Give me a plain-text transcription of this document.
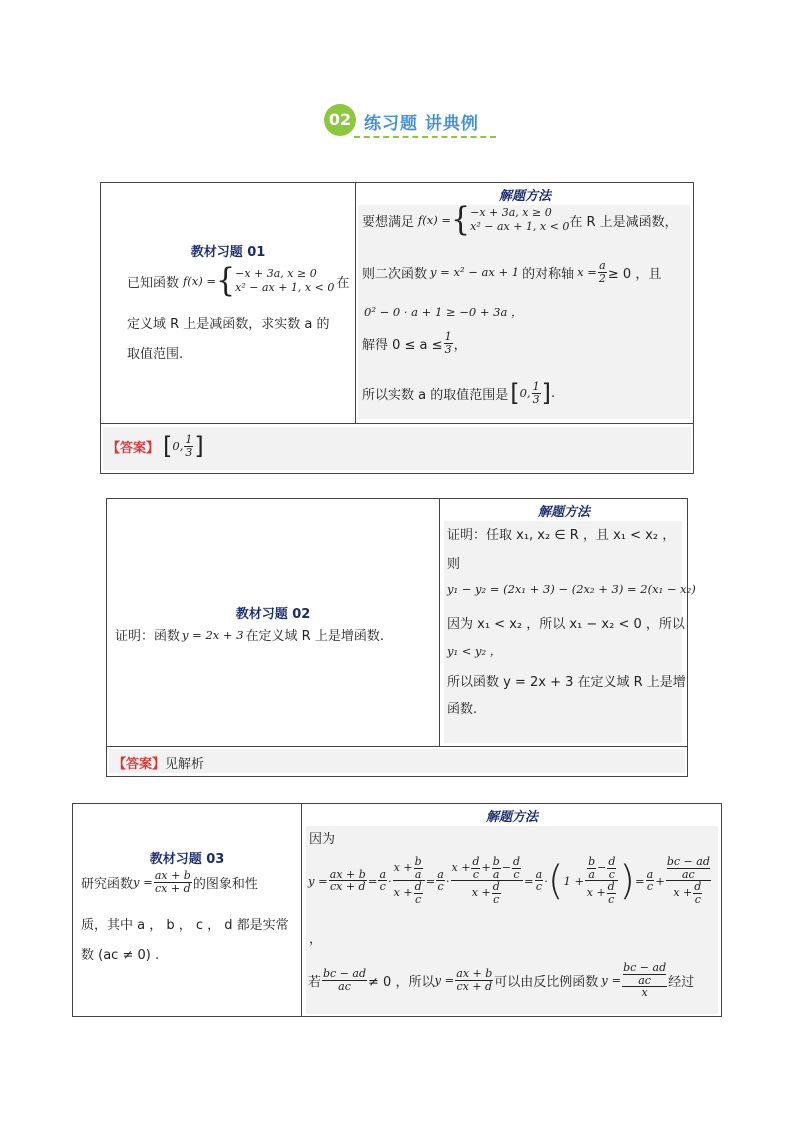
02 练习题 讲典例
教材习题 01
已知函数 f(x) = { −x + 3a, x ≥ 0
x² − ax + 1, x < 0 在
定义域 R 上是减函数，求实数 a 的
取值范围.

解题方法
要想满足 f(x) = { −x + 3a, x ≥ 0
x² − ax + 1, x < 0 在 R 上是减函数，
则二次函数 y = x² − ax + 1 的对称轴 $x = \frac{a}{2} \ge 0$ ，且
0² − 0 · a + 1 ≥ −0 + 3a ，
解得 $0 \le a \le \frac{1}{3}$ ，
所以实数 a 的取值范围是 [ 0, $\frac{1}{3}$ ] .

【答案】 [ 0, $\frac{1}{3}$ ]
教材习题 02
证明：函数 y = 2x + 3 在定义域 R 上是增函数.

解题方法
证明：任取 x₁, x₂ ∈ R ，且 x₁ < x₂ ，
则
y₁ − y₂ = (2x₁ + 3) − (2x₂ + 3) = 2(x₁ − x₂)
因为 x₁ < x₂ ，所以 x₁ − x₂ < 0 ，所以
y₁ < y₂ ，
所以函数 y = 2x + 3 在定义域 R 上是增
函数.

【答案】见解析
教材习题 03
研究函数 $y = \frac{ax + b}{cx + d}$ 的图象和性
质，其中 a ， b ， c ， d 都是实常
数 (ac ≠ 0) .

解题方法
因为
$y = \frac{ax + b}{cx + d} = \frac{a}{c} \cdot \frac{x + \frac{b}{a}}{x + \frac{d}{c}} = \frac{a}{c} \cdot \frac{x + \frac{d}{c} + \frac{b}{a} - \frac{d}{c}}{x + \frac{d}{c}} = \frac{a}{c}$ · ( $1 + \frac{\frac{b}{a} - \frac{d}{c}}{x + \frac{d}{c}}$ ) = $\frac{a}{c} + \frac{\frac{bc - ad}{ac}}{x + \frac{d}{c}}$
，
若 $\frac{bc - ad}{ac} \ne 0$ ，所以 $y = \frac{ax + b}{cx + d}$ 可以由反比例函数 $y = \frac{\frac{bc - ad}{ac}}{x}$ 经过
